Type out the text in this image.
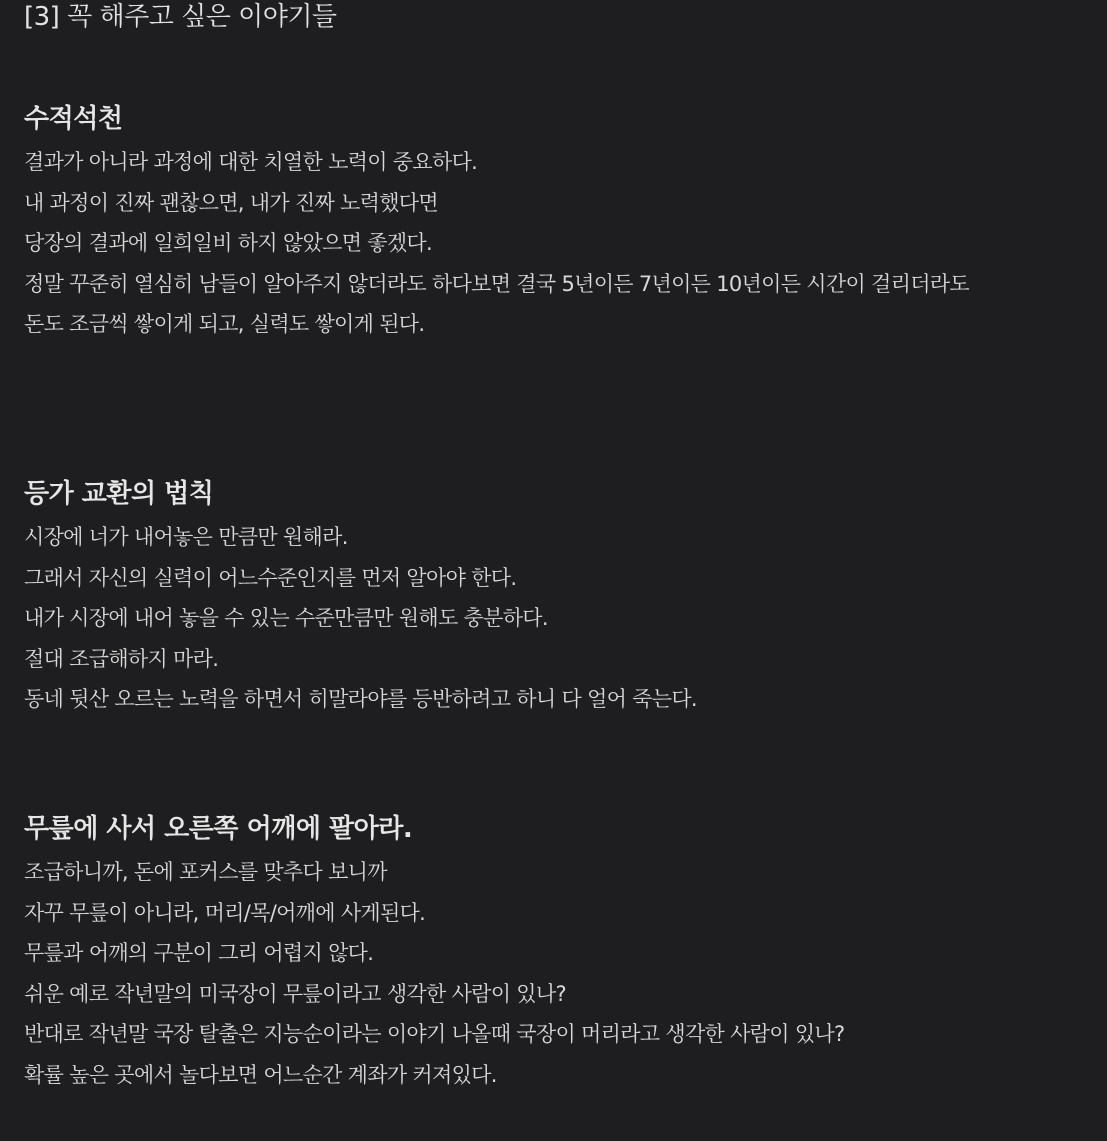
[3] 꼭 해주고 싶은 이야기들
수적석천

결과가 아니라 과정에 대한 치열한 노력이 중요하다.

내 과정이 진짜 괜찮으면, 내가 진짜 노력했다면

당장의 결과에 일희일비 하지 않았으면 좋겠다.

정말 꾸준히 열심히 남들이 알아주지 않더라도 하다보면 결국 5년이든 7년이든 10년이든 시간이 걸리더라도

돈도 조금씩 쌓이게 되고, 실력도 쌓이게 된다.

등가 교환의 법칙

시장에 너가 내어놓은 만큼만 원해라.

그래서 자신의 실력이 어느수준인지를 먼저 알아야 한다.

내가 시장에 내어 놓을 수 있는 수준만큼만 원해도 충분하다.

절대 조급해하지 마라.

동네 뒷산 오르는 노력을 하면서 히말라야를 등반하려고 하니 다 얼어 죽는다.

무릎에 사서 오른쪽 어깨에 팔아라.

조급하니까, 돈에 포커스를 맞추다 보니까

자꾸 무릎이 아니라, 머리/목/어깨에 사게된다.

무릎과 어깨의 구분이 그리 어렵지 않다.

쉬운 예로 작년말의 미국장이 무릎이라고 생각한 사람이 있나?

반대로 작년말 국장 탈출은 지능순이라는 이야기 나올때 국장이 머리라고 생각한 사람이 있나?

확률 높은 곳에서 놀다보면 어느순간 계좌가 커져있다.
